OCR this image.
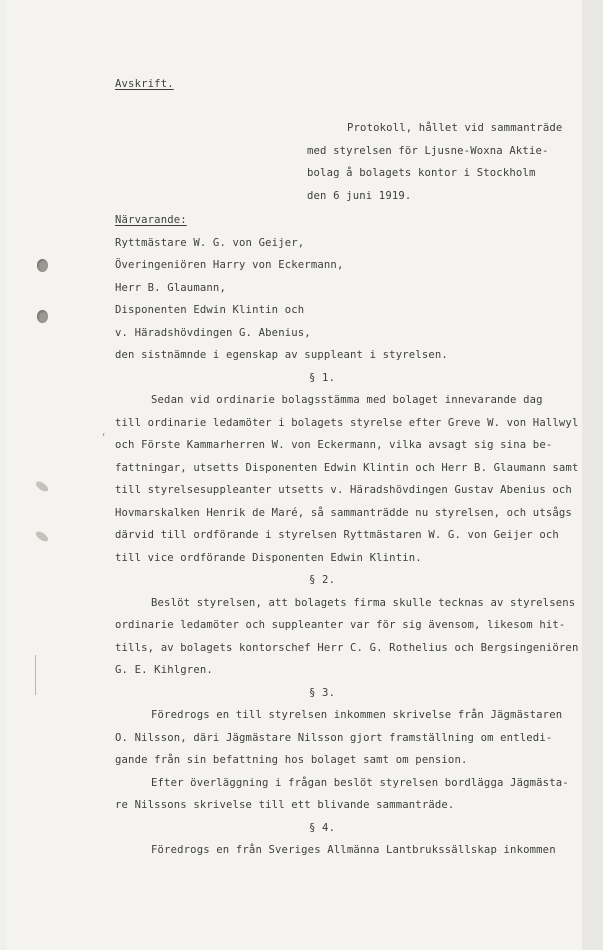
,
Avskrift.
Protokoll, hållet vid sammanträde
med styrelsen för Ljusne-Woxna Aktie-
bolag å bolagets kontor i Stockholm
den 6 juni 1919.
Närvarande:
Ryttmästare W. G. von Geijer,
Överingeniören Harry von Eckermann,
Herr B. Glaumann,
Disponenten Edwin Klintin och
v. Häradshövdingen G. Abenius,
den sistnämnde i egenskap av suppleant i styrelsen.
§ 1.
Sedan vid ordinarie bolagsstämma med bolaget innevarande dag
till ordinarie ledamöter i bolagets styrelse efter Greve W. von Hallwyl
och Förste Kammarherren W. von Eckermann, vilka avsagt sig sina be-
fattningar, utsetts Disponenten Edwin Klintin och Herr B. Glaumann samt
till styrelsesuppleanter utsetts v. Häradshövdingen Gustav Abenius och
Hovmarskalken Henrik de Maré, så sammanträdde nu styrelsen, och utsågs
därvid till ordförande i styrelsen Ryttmästaren W. G. von Geijer och
till vice ordförande Disponenten Edwin Klintin.
§ 2.
Beslöt styrelsen, att bolagets firma skulle tecknas av styrelsens
ordinarie ledamöter och suppleanter var för sig ävensom, likesom hit-
tills, av bolagets kontorschef Herr C. G. Rothelius och Bergsingeniören
G. E. Kihlgren.
§ 3.
Föredrogs en till styrelsen inkommen skrivelse från Jägmästaren
O. Nilsson, däri Jägmästare Nilsson gjort framställning om entledi-
gande från sin befattning hos bolaget samt om pension.
Efter överläggning i frågan beslöt styrelsen bordlägga Jägmästa-
re Nilssons skrivelse till ett blivande sammanträde.
§ 4.
Föredrogs en från Sveriges Allmänna Lantbrukssällskap inkommen
